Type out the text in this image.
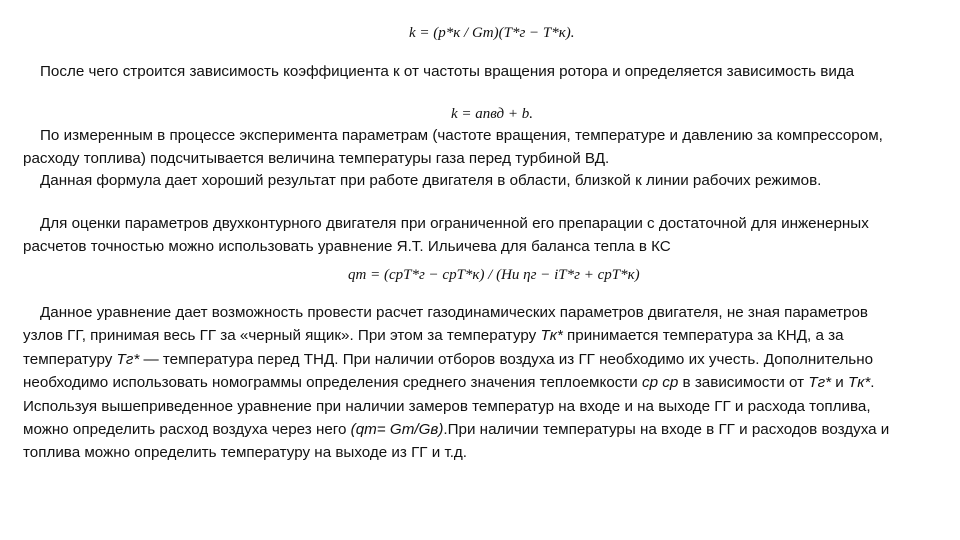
k = (p*к / Gт)(T*г − T*к).

После чего строится зависимость коэффициента к от частоты вращения ротора и определяется зависимость вида

k = anвд + b.

По измеренным в процессе эксперимента параметрам (частоте вращения, температуре и давлению за компрессором, расходу топлива) подсчитывается величина температуры газа перед турбиной ВД.

Данная формула дает хороший результат при работе двигателя в области, близкой к линии рабочих режимов.

Для оценки параметров двухконтурного двигателя при ограниченной его препарации с достаточной для инженерных расчетов точностью можно использовать уравнение Я.Т. Ильичева для баланса тепла в КС

qт = (cpT*г − cpT*к) / (Hu ηг − iT*г + cpT*к)

Данное уравнение дает возможность провести расчет газодинамических параметров двигателя, не зная параметров узлов ГГ, принимая весь ГГ за «черный ящик». При этом за температуру Tк* принимается температура за КНД, а за температуру Tг* — температура перед ТНД. При наличии отборов воздуха из ГГ необходимо их учесть. Дополнительно необходимо использовать номограммы определения среднего значения теплоемкости cp ср в зависимости от Tг* и Tк*. Используя вышеприведенное уравнение при наличии замеров температур на входе и на выходе ГГ и расхода топлива, можно определить расход воздуха через него (qт= Gт/Gв).При наличии температуры на входе в ГГ и расходов воздуха и топлива можно определить температуру на выходе из ГГ и т.д.
